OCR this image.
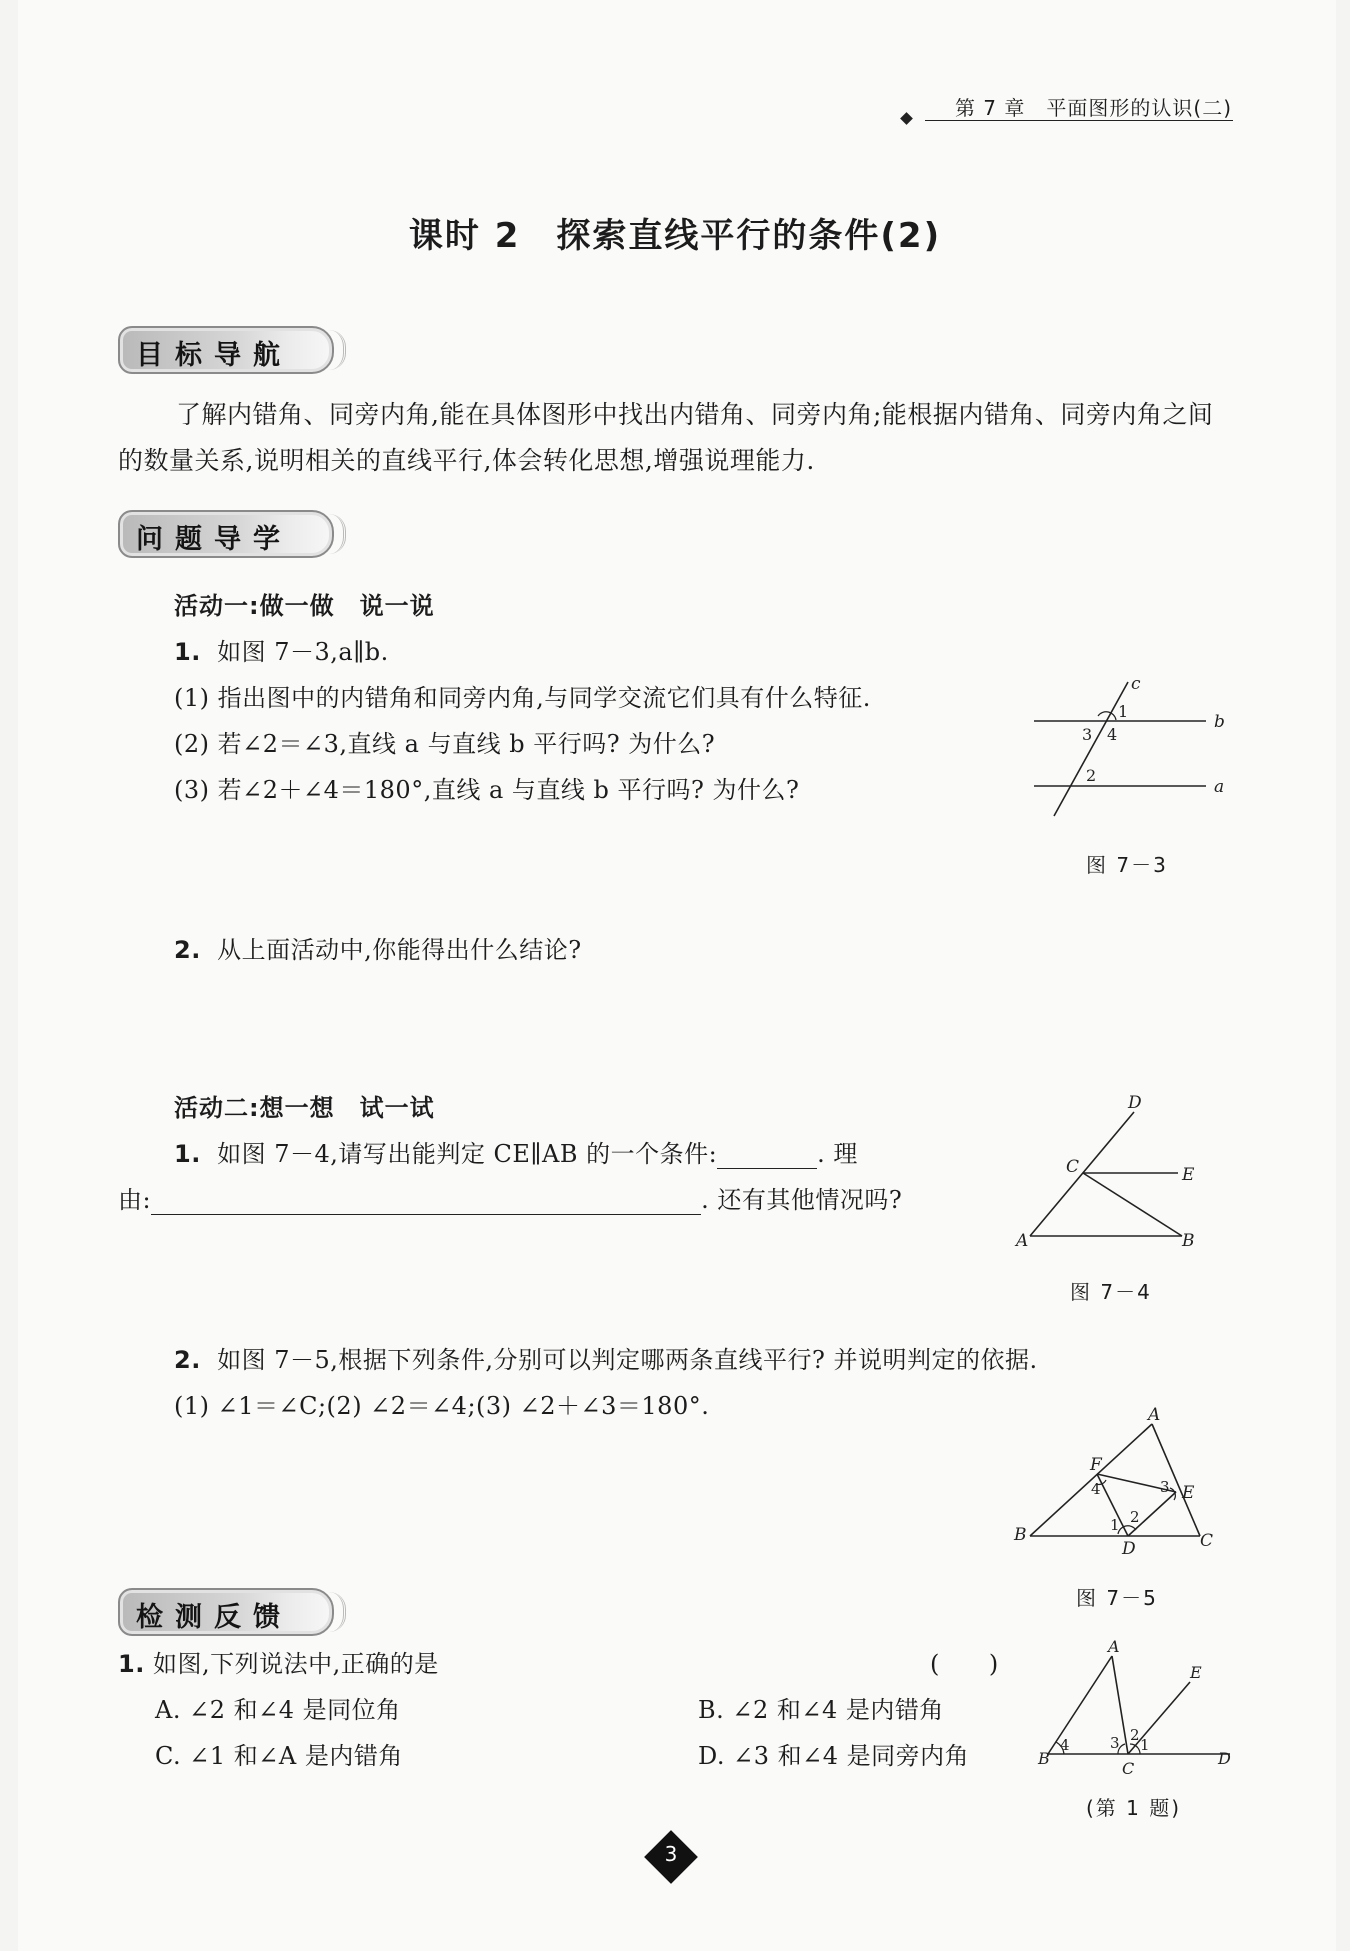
第 7 章　平面图形的认识(二)
课时 2　探索直线平行的条件(2)
目标导航
了解内错角、同旁内角,能在具体图形中找出内错角、同旁内角;能根据内错角、同旁内角之间的数量关系,说明相关的直线平行,体会转化思想,增强说理能力.
问题导学
活动一:做一做　说一说
1. 如图 7－3,a∥b.
(1) 指出图中的内错角和同旁内角,与同学交流它们具有什么特征.
(2) 若∠2＝∠3,直线 a 与直线 b 平行吗? 为什么?
(3) 若∠2＋∠4＝180°,直线 a 与直线 b 平行吗? 为什么?
c
b
a
1
3 4
2
图 7－3
2. 从上面活动中,你能得出什么结论?
活动二:想一想　试一试
1. 如图 7－4,请写出能判定 CE∥AB 的一个条件:	. 理
由:	. 还有其他情况吗?
D
C	E
A	B
图 7－4
2. 如图 7－5,根据下列条件,分别可以判定哪两条直线平行? 并说明判定的依据.
(1) ∠1＝∠C;(2) ∠2＝∠4;(3) ∠2＋∠3＝180°.	A
F
E
B
D	C
1 2
3
4
图 7－5
检测反馈
1. 如图,下列说法中,正确的是	(　　)
A. ∠2 和∠4 是同位角	B. ∠2 和∠4 是内错角
C. ∠1 和∠A 是内错角	D. ∠3 和∠4 是同旁内角
A
E
B
C
D
4	3 2
1
(第 1 题)
3
